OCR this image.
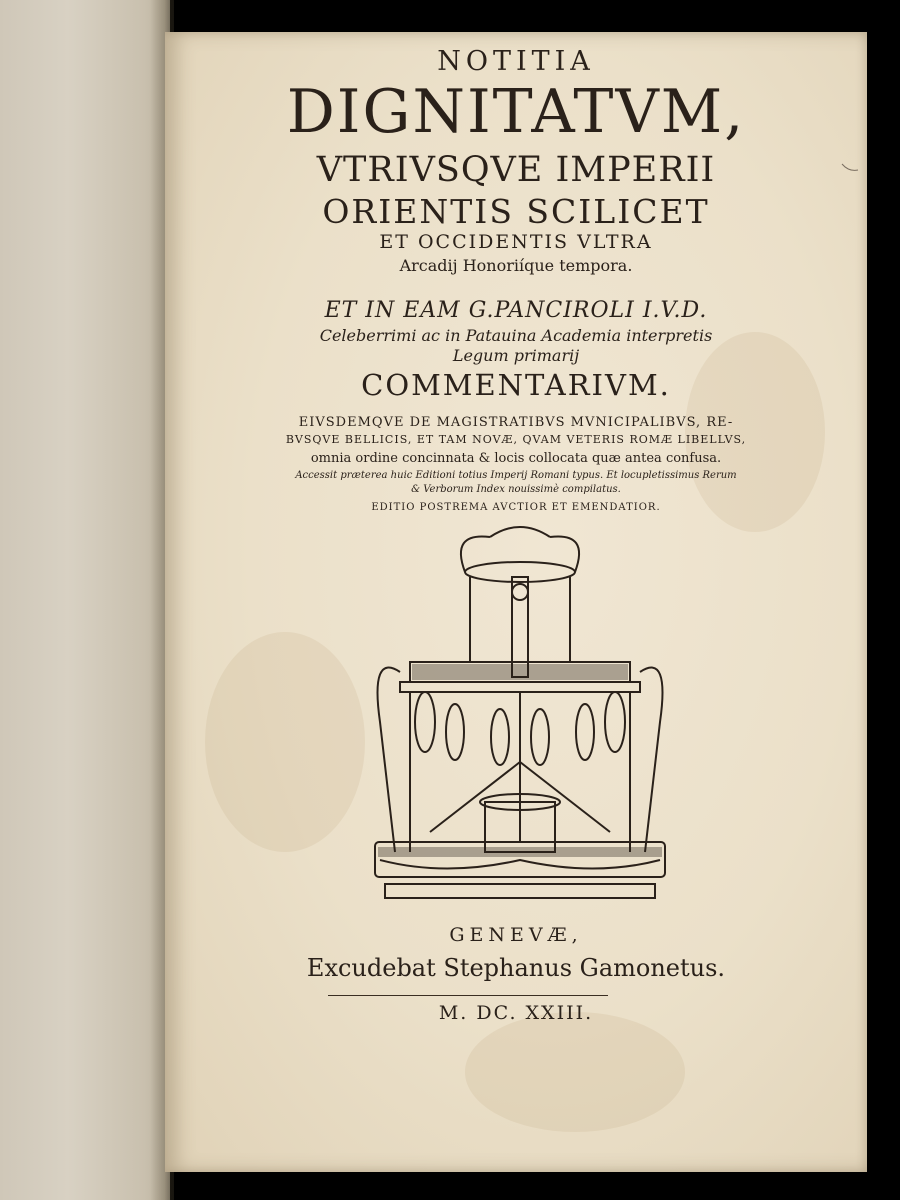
NOTITIA
DIGNITATVM,
VTRIVSQVE IMPERII
ORIENTIS SCILICET
ET OCCIDENTIS VLTRA
Arcadij Honoriíque tempora.
ET IN EAM G.PANCIROLI I.V.D.
Celeberrimi ac in Patauina Academia interpretis
Legum primarij
COMMENTARIVM.
EIVSDEMQVE DE MAGISTRATIBVS MVNICIPALIBVS, RE-
BVSQVE BELLICIS, ET TAM NOVÆ, QVAM VETERIS ROMÆ LIBELLVS,
omnia ordine concinnata & locis collocata quæ antea confusa.
Accessit præterea huic Editioni totius Imperij Romani typus. Et locupletissimus Rerum
& Verborum Index nouissimè compilatus.
EDITIO POSTREMA AVCTIOR ET EMENDATIOR.
GENEVÆ,
Excudebat Stephanus Gamonetus.
M. DC. XXIII.
